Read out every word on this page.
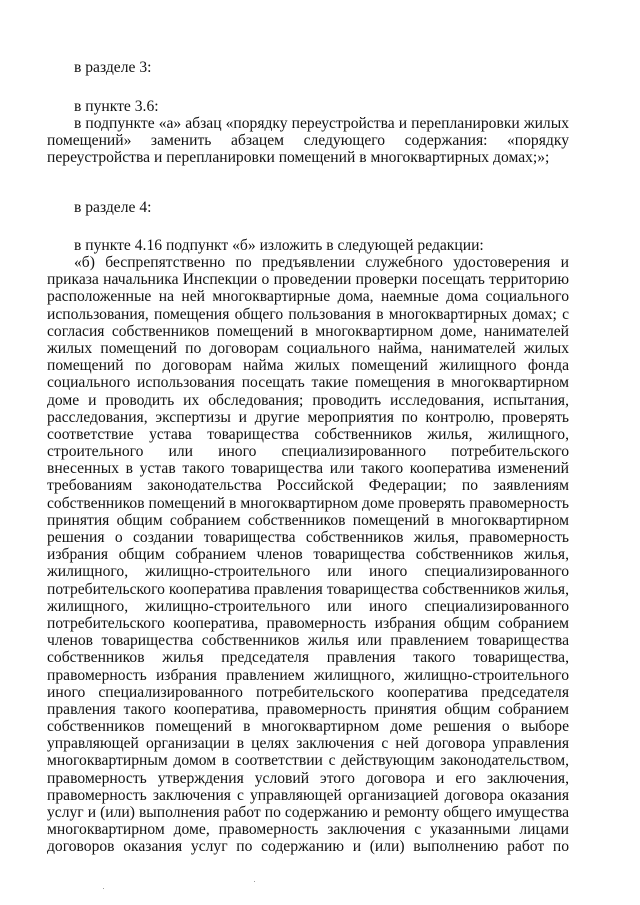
в разделе 3:
в пункте 3.6:
в подпункте «а» абзац «порядку переустройства и перепланировки жилых
помещений» заменить абзацем следующего содержания: «порядку
переустройства и перепланировки помещений в многоквартирных домах;»;
в разделе 4:
в пункте 4.16 подпункт «б» изложить в следующей редакции:
«б) беспрепятственно по предъявлении служебного удостоверения и
приказа начальника Инспекции о проведении проверки посещать территорию
расположенные на ней многоквартирные дома, наемные дома социального
использования, помещения общего пользования в многоквартирных домах; с
согласия собственников помещений в многоквартирном доме, нанимателей
жилых помещений по договорам социального найма, нанимателей жилых
помещений по договорам найма жилых помещений жилищного фонда
социального использования посещать такие помещения в многоквартирном
доме и проводить их обследования; проводить исследования, испытания,
расследования, экспертизы и другие мероприятия по контролю, проверять
соответствие устава товарищества собственников жилья, жилищного,
строительного или иного специализированного потребительского
внесенных в устав такого товарищества или такого кооператива изменений
требованиям законодательства Российской Федерации; по заявлениям
собственников помещений в многоквартирном доме проверять правомерность
принятия общим собранием собственников помещений в многоквартирном
решения о создании товарищества собственников жилья, правомерность
избрания общим собранием членов товарищества собственников жилья,
жилищного, жилищно-строительного или иного специализированного
потребительского кооператива правления товарищества собственников жилья,
жилищного, жилищно-строительного или иного специализированного
потребительского кооператива, правомерность избрания общим собранием
членов товарищества собственников жилья или правлением товарищества
собственников жилья председателя правления такого товарищества,
правомерность избрания правлением жилищного, жилищно-строительного
иного специализированного потребительского кооператива председателя
правления такого кооператива, правомерность принятия общим собранием
собственников помещений в многоквартирном доме решения о выборе
управляющей организации в целях заключения с ней договора управления
многоквартирным домом в соответствии с действующим законодательством,
правомерность утверждения условий этого договора и его заключения,
правомерность заключения с управляющей организацией договора оказания
услуг и (или) выполнения работ по содержанию и ремонту общего имущества
многоквартирном доме, правомерность заключения с указанными лицами
договоров оказания услуг по содержанию и (или) выполнению работ по
